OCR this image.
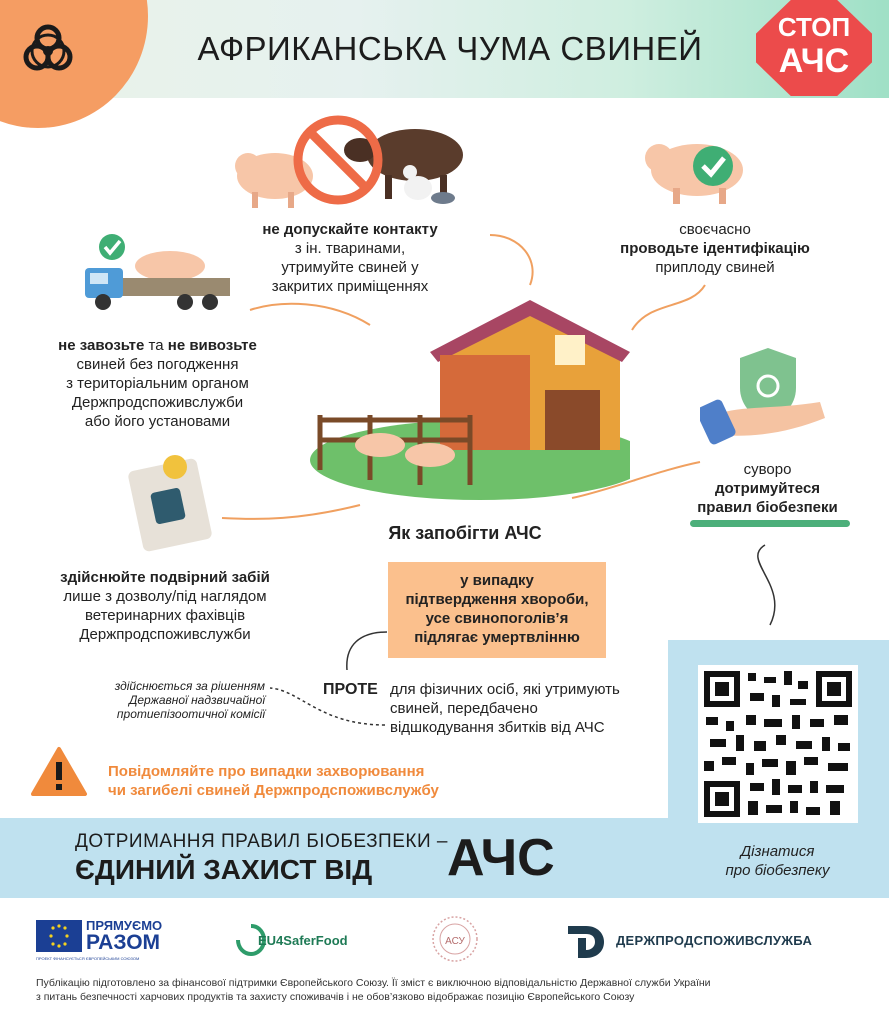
АФРИКАНСЬКА ЧУМА СВИНЕЙ
СТОП
АЧС
не допускайте контакту
з ін. тваринами,
утримуйте свиней у
закритих приміщеннях
своєчасно
проводьте ідентифікацію
приплоду свиней
не завозьте та не вивозьте
свиней без погодження
з територіальним органом
Держпродспоживслужби
або його установами
суворо
дотримуйтеся
правил біобезпеки
Як запобігти АЧС
здійснюйте подвірний забій
лише з дозволу/під наглядом
ветеринарних фахівців
Держпродспоживслужби
у випадку
підтвердження хвороби,
усе свинопоголів’я
підлягає умертвлінню
ПРОТЕ для фізичних осіб, які утримують
свиней, передбачено
відшкодування збитків від АЧС
здійснюється за рішенням
Державної надзвичайної
протиепізоотичної комісії
Повідомляйте про випадки захворювання
чи загибелі свиней Держпродспоживслужбу
ДОТРИМАННЯ ПРАВИЛ БІОБЕЗПЕКИ –
ЄДИНИЙ ЗАХИСТ ВІД	АЧС	Дізнатися
про біобезпеку
ПРЯМУЄМО
РАЗОМ
ПРОЕКТ ФІНАНСУЄТЬСЯ ЄВРОПЕЙСЬКИМ СОЮЗОМ
EU4SaferFood	АСУ	ДЕРЖПРОДСПОЖИВСЛУЖБА
Публікацію підготовлено за фінансової підтримки Європейського Союзу. Її зміст є виключною відповідальністю Державної служби України
з питань безпечності харчових продуктів та захисту споживачів і не обов’язково відображає позицію Європейського Союзу
